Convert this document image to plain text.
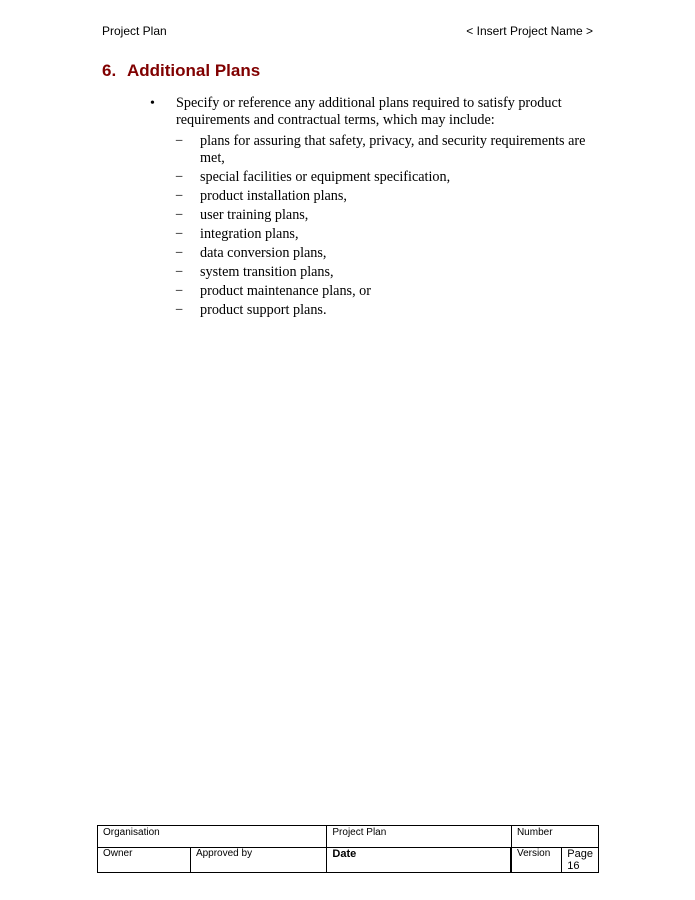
Project Plan	< Insert Project Name >
6. Additional Plans
• Specify or reference any additional plans required to satisfy product requirements and contractual terms, which may include:
− plans for assuring that safety, privacy, and security requirements are met,
− special facilities or equipment specification,
− product installation plans,
− user training plans,
− integration plans,
− data conversion plans,
− system transition plans,
− product maintenance plans, or
− product support plans.
Organisation		Project Plan	Number	
Owner	Approved by	Date		Version	Page 16
